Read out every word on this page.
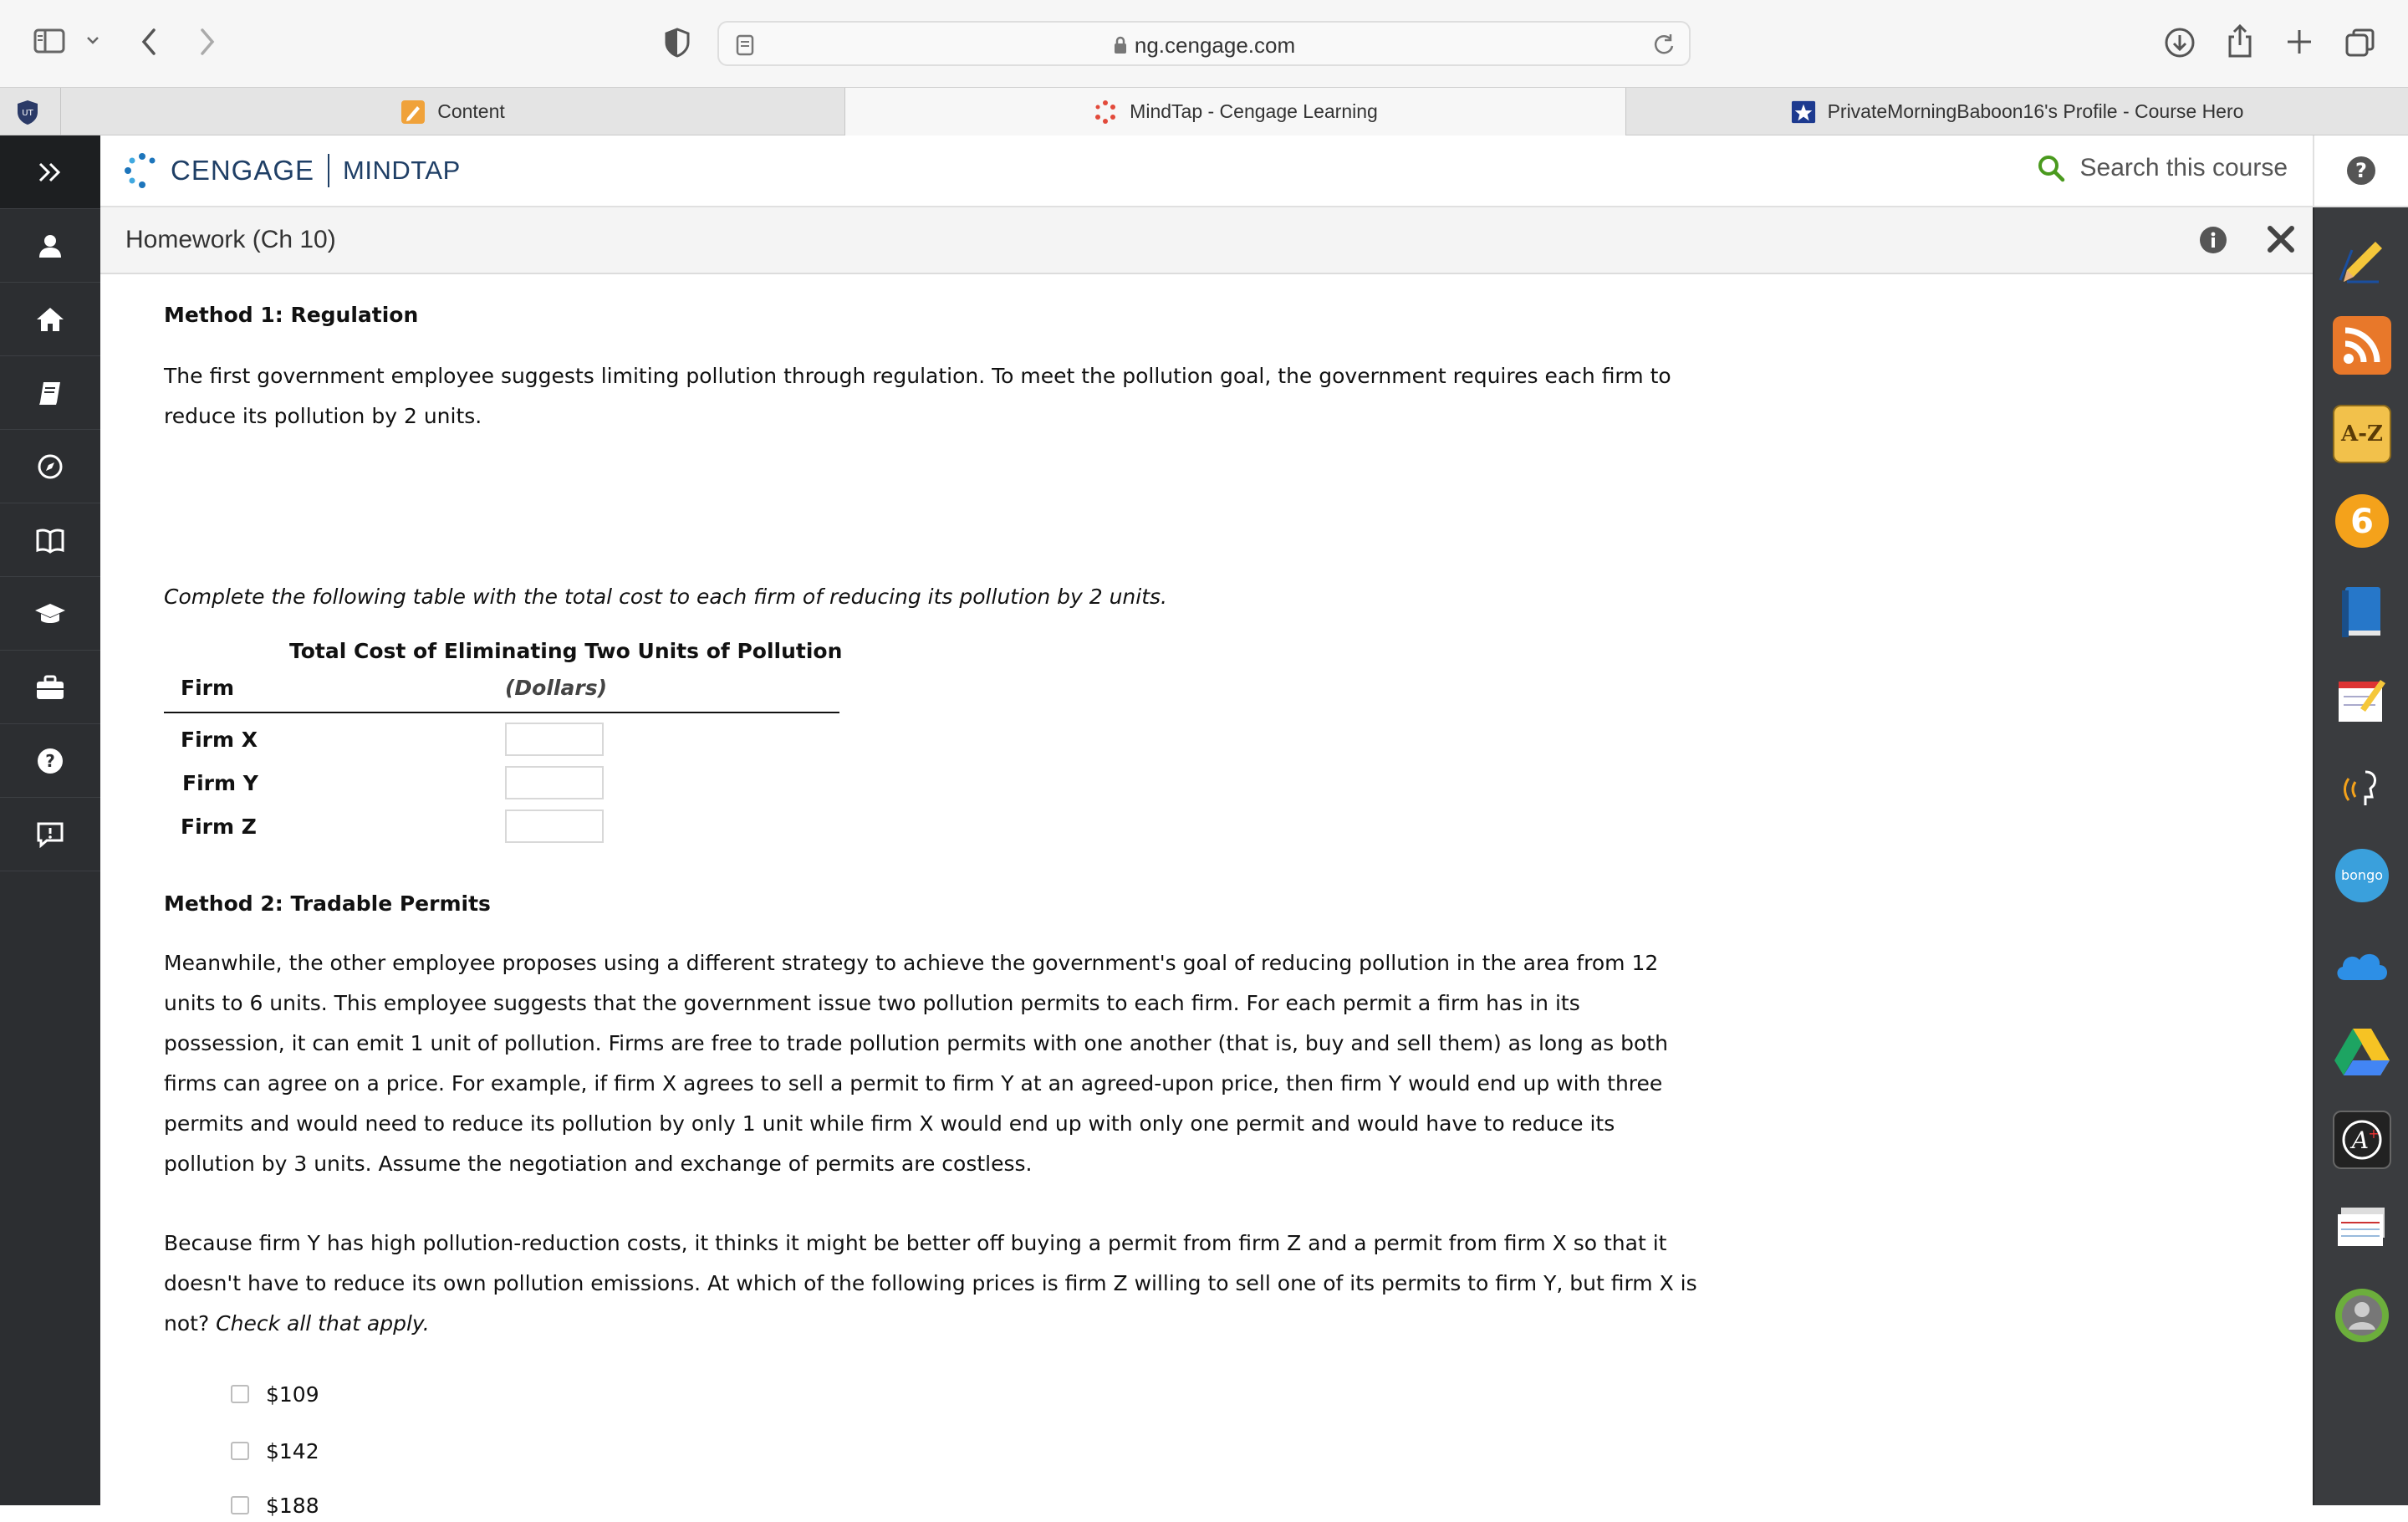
ng.cengage.com
UT	Content	MindTap - Cengage Learning	PrivateMorningBaboon16's Profile - Course Hero
?
CENGAGE MINDTAP	Search this course	?
A-Z
6
bongo
A +
Homework (Ch 10)
Method 1: Regulation
The first government employee suggests limiting pollution through regulation. To meet the pollution goal, the government requires each firm to reduce its pollution by 2 units.
Complete the following table with the total cost to each firm of reducing its pollution by 2 units.
Total Cost of Eliminating Two Units of Pollution
Firm	(Dollars)
Firm X
Firm Y
Firm Z
Method 2: Tradable Permits
Meanwhile, the other employee proposes using a different strategy to achieve the government's goal of reducing pollution in the area from 12 units to 6 units. This employee suggests that the government issue two pollution permits to each firm. For each permit a firm has in its possession, it can emit 1 unit of pollution. Firms are free to trade pollution permits with one another (that is, buy and sell them) as long as both firms can agree on a price. For example, if firm X agrees to sell a permit to firm Y at an agreed-upon price, then firm Y would end up with three permits and would need to reduce its pollution by only 1 unit while firm X would end up with only one permit and would have to reduce its pollution by 3 units. Assume the negotiation and exchange of permits are costless.
Because firm Y has high pollution-reduction costs, it thinks it might be better off buying a permit from firm Z and a permit from firm X so that it doesn't have to reduce its own pollution emissions. At which of the following prices is firm Z willing to sell one of its permits to firm Y, but firm X is not? Check all that apply.
$109
$142
$188
